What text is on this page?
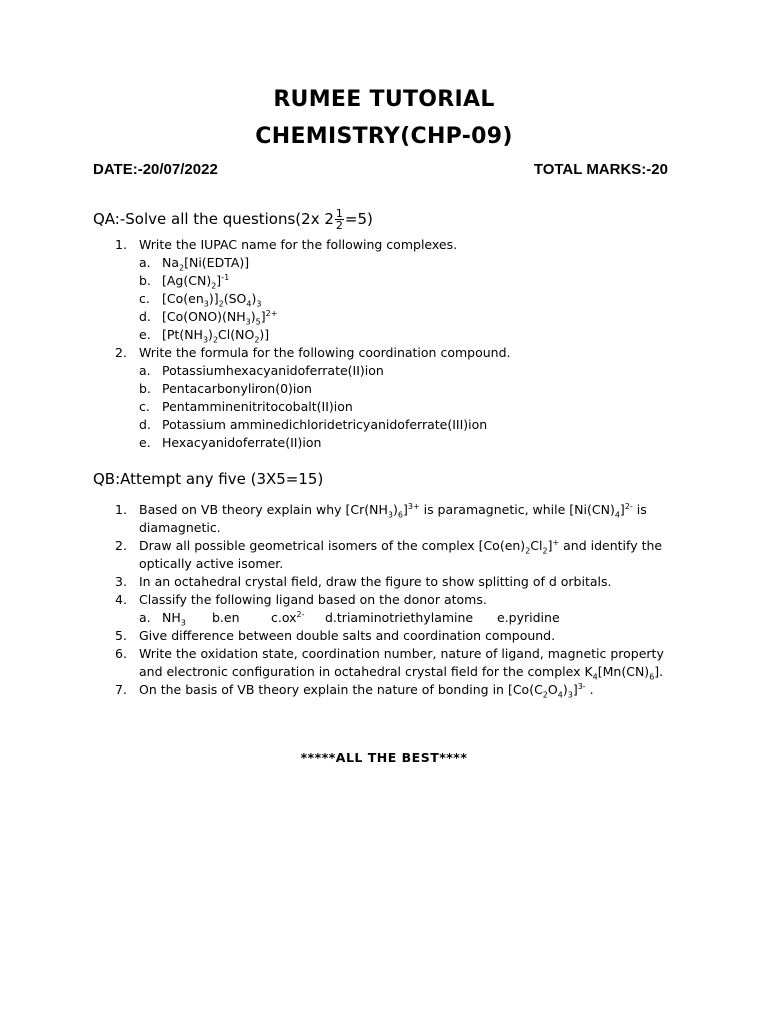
RUMEE TUTORIAL
CHEMISTRY(CHP-09)
DATE:-20/07/2022	TOTAL MARKS:-20
QA:-Solve all the questions(2x $2 \frac{1}{2} =5$)
1. Write the IUPAC name for the following complexes.
a. $Na_2[Ni(EDTA)]$
b. $[Ag(CN)_2]^{-1}$
c. $[Co(en_3)]_2(SO_4)_3$
d. $[Co(ONO)(NH_3)_5]^{2+}$
e. $[Pt(NH_3)_2Cl(NO_2)]$
2. Write the formula for the following coordination compound.
a. Potassiumhexacyanidoferrate(II)ion
b. Pentacarbonyliron(0)ion
c. Pentamminenitritocobalt(II)ion
d. Potassium amminedichloridetricyanidoferrate(III)ion
e. Hexacyanidoferrate(II)ion
QB:Attempt any five (3X5=15)
1. Based on VB theory explain why $[Cr(NH_3)_6]^{3+}$ is paramagnetic, while $[Ni(CN)_4]^{2-}$ is diamagnetic.
2. Draw all possible geometrical isomers of the complex $[Co(en)_2Cl_2]^+$ and identify the optically active isomer.
3. In an octahedral crystal field, draw the figure to show splitting of d orbitals.
4. Classify the following ligand based on the donor atoms.
a. $NH_3$ b.en	$c.ox^{2-}$ d.triaminotriethylamine e.pyridine
5. Give difference between double salts and coordination compound.
6. Write the oxidation state, coordination number, nature of ligand, magnetic property and electronic configuration in octahedral crystal field for the complex $K_4[Mn(CN)_6]$.
7. On the basis of VB theory explain the nature of bonding in $[Co(C_2O_4)_3]^{3-}$ .
*****ALL THE BEST****
